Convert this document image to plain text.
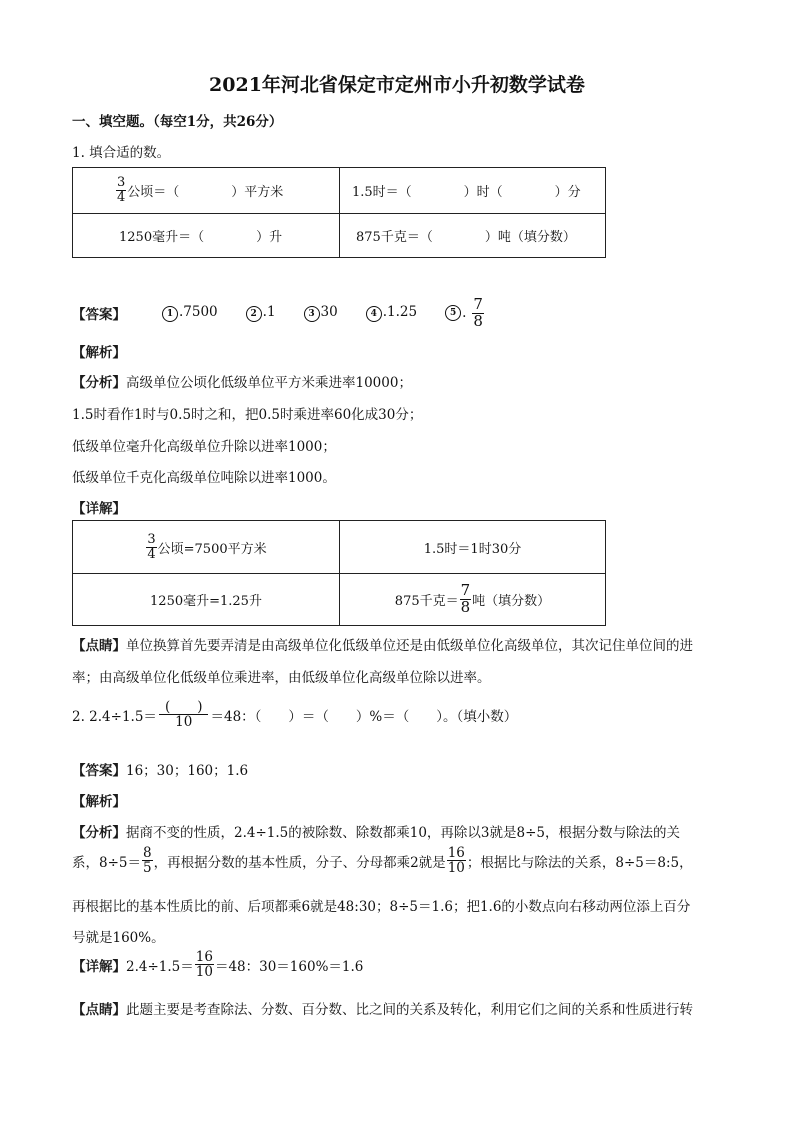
2021年河北省保定市定州市小升初数学试卷
一、填空题。（每空1分，共26分）
1. 填合适的数。
$\frac{3}{4}$ 公顷＝（　　　　）平方米	1.5时＝（　　　　）时（　　　　）分

1250毫升＝（　　　　）升	875千克＝（　　　　）吨（填分数）
【答案】	1 .7500	2 .1	3 30	4 .1.25	5 . $\frac{7}{8}$
【解析】
【分析】高级单位公顷化低级单位平方米乘进率10000；
1.5时看作1时与0.5时之和，把0.5时乘进率60化成30分；
低级单位毫升化高级单位升除以进率1000；
低级单位千克化高级单位吨除以进率1000。
【详解】
$\frac{3}{4}$ 公顷=7500平方米	1.5时＝1时30分

1250毫升=1.25升	875千克＝ $\frac{7}{8}$ 吨（填分数）
【点睛】单位换算首先要弄清是由高级单位化低级单位还是由低级单位化高级单位，其次记住单位间的进
率；由高级单位化低级单位乘进率，由低级单位化高级单位除以进率。
2. $2.4\div 1.5= \frac{( )}{10} =48$：（　　）＝（　　）%＝（　　）。（填小数）
【答案】16；30；160；1.6
【解析】
【分析】据商不变的性质，2.4÷1.5的被除数、除数都乘10，再除以3就是8÷5，根据分数与除法的关
系，$8\div 5= \frac{8}{5}$ ，再根据分数的基本性质，分子、分母都乘2就是 $\frac{16}{10}$ ；根据比与除法的关系，8÷5＝8:5，
再根据比的基本性质比的前、后项都乘6就是48:30；8÷5＝1.6；把1.6的小数点向右移动两位添上百分
号就是160%。
【详解】 $2.4\div 1.5= \frac{16}{10} =48$：30＝160%＝1.6
【点睛】此题主要是考查除法、分数、百分数、比之间的关系及转化，利用它们之间的关系和性质进行转
